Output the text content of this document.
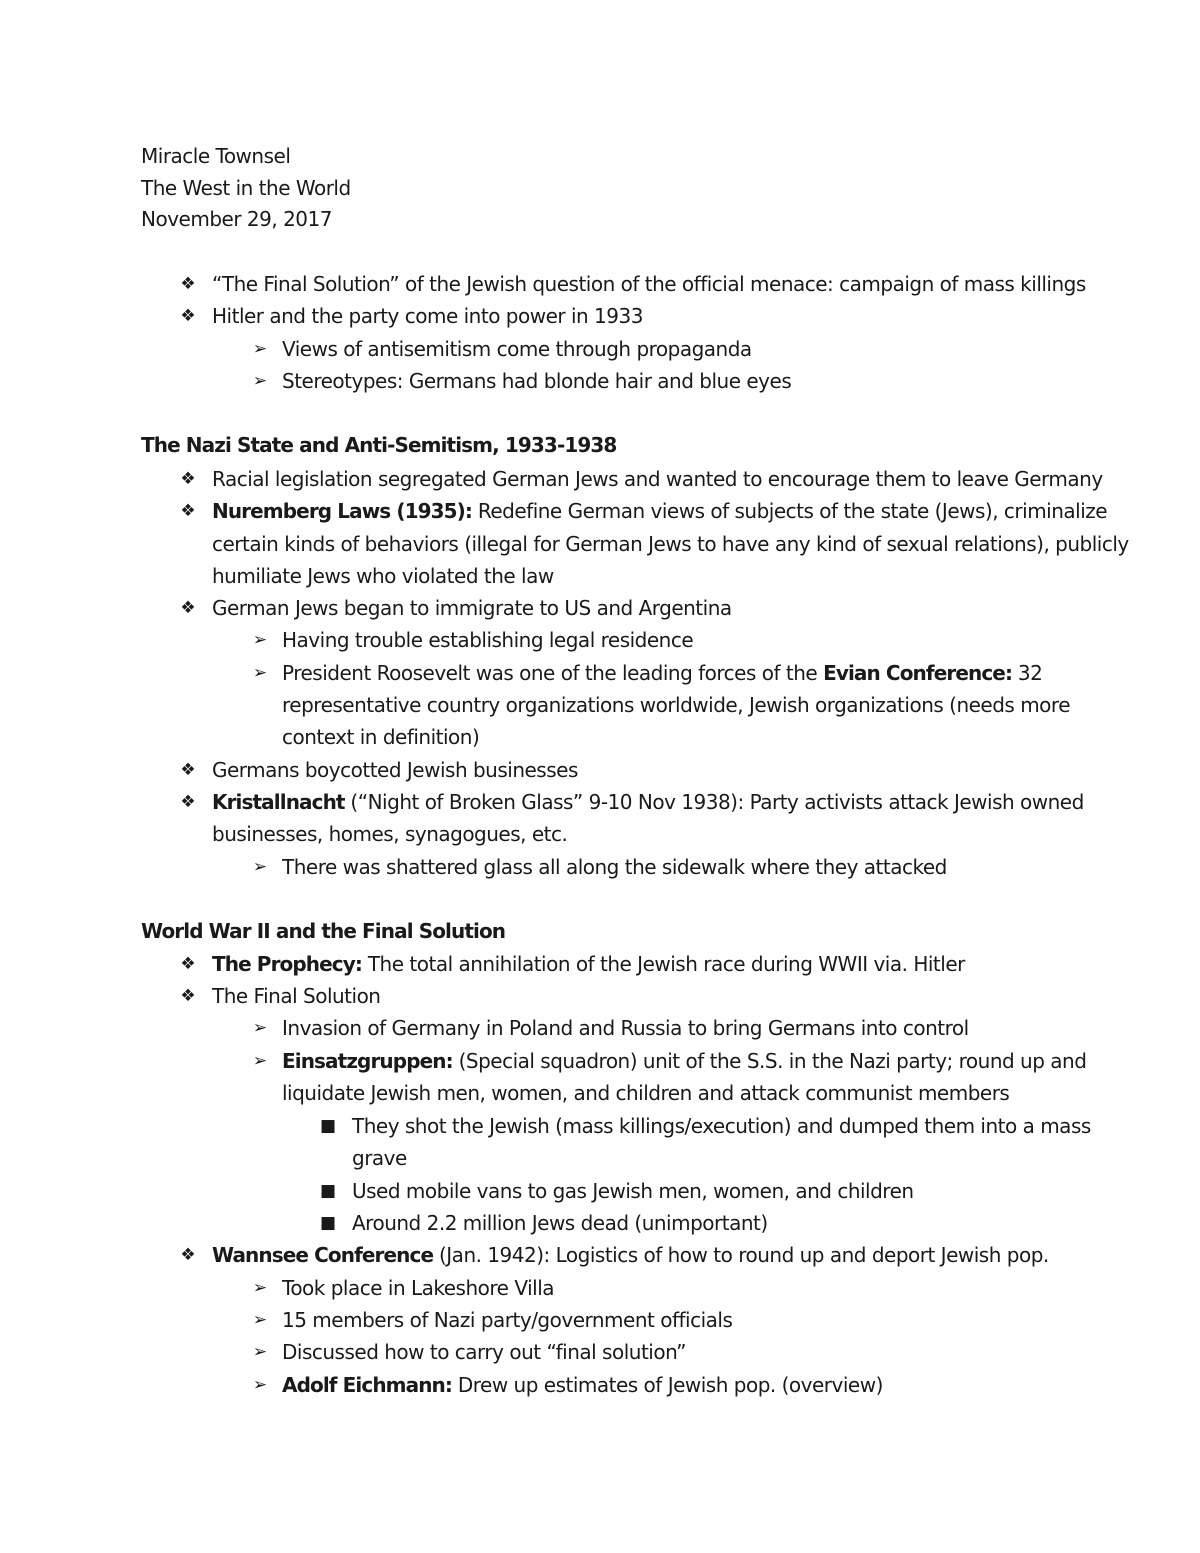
Miracle Townsel
The West in the World
November 29, 2017
❖ “The Final Solution” of the Jewish question of the official menace: campaign of mass killings
❖ Hitler and the party come into power in 1933
➢ Views of antisemitism come through propaganda
➢ Stereotypes: Germans had blonde hair and blue eyes
The Nazi State and Anti-Semitism, 1933-1938
❖ Racial legislation segregated German Jews and wanted to encourage them to leave Germany
❖ Nuremberg Laws (1935): Redefine German views of subjects of the state (Jews), criminalize
certain kinds of behaviors (illegal for German Jews to have any kind of sexual relations), publicly
humiliate Jews who violated the law
❖ German Jews began to immigrate to US and Argentina
➢ Having trouble establishing legal residence
➢ President Roosevelt was one of the leading forces of the Evian Conference: 32
representative country organizations worldwide, Jewish organizations (needs more
context in definition)
❖ Germans boycotted Jewish businesses
❖ Kristallnacht (“Night of Broken Glass” 9-10 Nov 1938): Party activists attack Jewish owned
businesses, homes, synagogues, etc.
➢ There was shattered glass all along the sidewalk where they attacked
World War II and the Final Solution
❖ The Prophecy: The total annihilation of the Jewish race during WWII via. Hitler
❖ The Final Solution
➢ Invasion of Germany in Poland and Russia to bring Germans into control
➢ Einsatzgruppen: (Special squadron) unit of the S.S. in the Nazi party; round up and
liquidate Jewish men, women, and children and attack communist members
■ They shot the Jewish (mass killings/execution) and dumped them into a mass
grave
■ Used mobile vans to gas Jewish men, women, and children
■ Around 2.2 million Jews dead (unimportant)
❖ Wannsee Conference (Jan. 1942): Logistics of how to round up and deport Jewish pop.
➢ Took place in Lakeshore Villa
➢ 15 members of Nazi party/government officials
➢ Discussed how to carry out “final solution”
➢ Adolf Eichmann: Drew up estimates of Jewish pop. (overview)
